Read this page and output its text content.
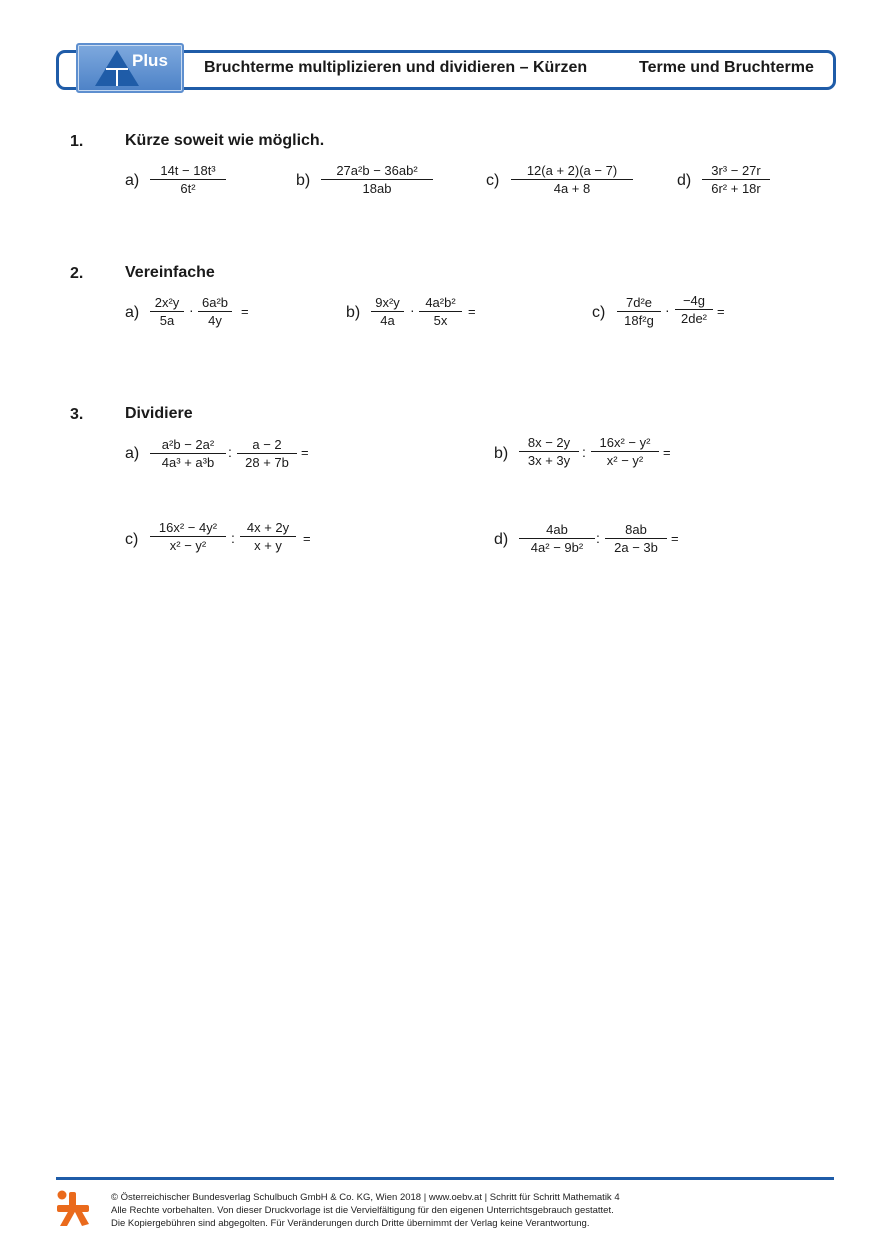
Plus Bruchterme multiplizieren und dividieren – Kürzen	Terme und Bruchterme
1.	Kürze soweit wie möglich.
$a) \frac{\text{14t − 18t³}}{\text{6t²}}$	$b) \frac{\text{27a²b − 36ab²}}{18ab}$	$c) \frac{12(a + 2)(a - 7)}{4a + 8}$	$d) \frac{\text{3r³ − 27r}}{\text{6r² + 18r}}$
2.	Vereinfache
$a) \frac{\text{2x²y}}{5a} \cdot \frac{\text{6a²b}}{4y}$ =	$b) \frac{\text{9x²y}}{4a} \cdot \frac{\text{4a²b²}}{5x}$ =	$c) \frac{\text{7d²e}}{\text{18f²g}} \cdot \frac{-4g}{\text{2de²}}$ =
3.	Dividiere
$a) \frac{\text{a²b − 2a²}}{\text{4a³ + a³b}}$ : $\frac{a - 2}{28 + 7b}$ =	$b) \frac{8x - 2y}{3x + 3y}$ : $\frac{\text{16x² − y²}}{\text{x² − y²}}$ =
$c) \frac{\text{16x² − 4y²}}{\text{x² − y²}}$ : $\frac{4x + 2y}{x + y}$ =	$d) \frac{4ab}{\text{4a² − 9b²}}$ : $\frac{8ab}{2a - 3b}$ =
© Österreichischer Bundesverlag Schulbuch GmbH & Co. KG, Wien 2018 | www.oebv.at | Schritt für Schritt Mathematik 4
Alle Rechte vorbehalten. Von dieser Druckvorlage ist die Vervielfältigung für den eigenen Unterrichtsgebrauch gestattet.
Die Kopiergebühren sind abgegolten. Für Veränderungen durch Dritte übernimmt der Verlag keine Verantwortung.
